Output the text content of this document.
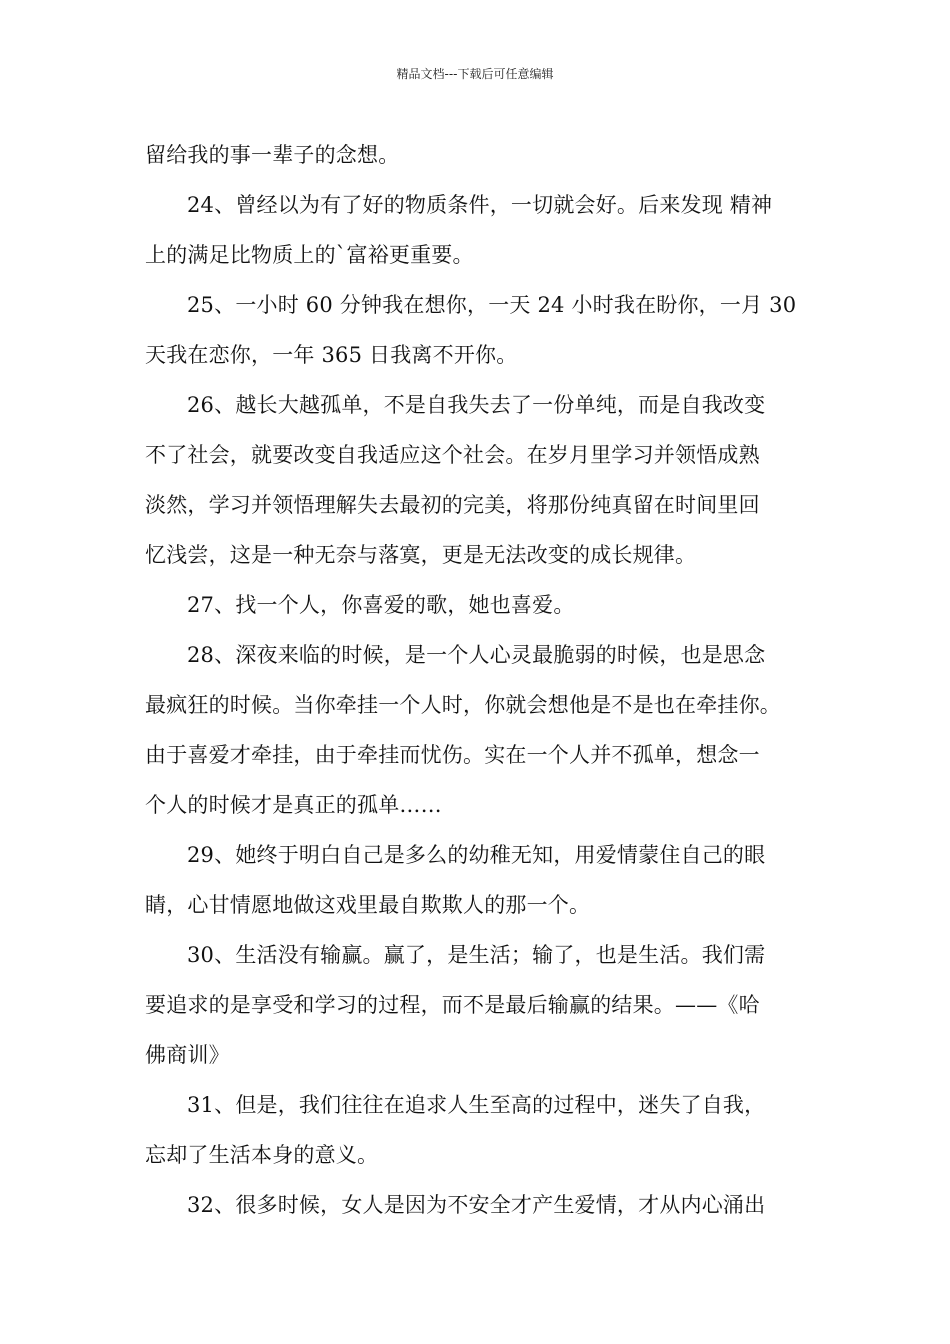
精品文档---下载后可任意编辑

留给我的事一辈子的念想。

24、曾经以为有了好的物质条件，一切就会好。后来发现 精神
上的满足比物质上的`富裕更重要。

25、一小时 60 分钟我在想你，一天 24 小时我在盼你，一月 30
天我在恋你，一年 365 日我离不开你。

26、越长大越孤单，不是自我失去了一份单纯，而是自我改变
不了社会，就要改变自我适应这个社会。在岁月里学习并领悟成熟
淡然，学习并领悟理解失去最初的完美，将那份纯真留在时间里回
忆浅尝，这是一种无奈与落寞，更是无法改变的成长规律。

27、找一个人，你喜爱的歌，她也喜爱。

28、深夜来临的时候，是一个人心灵最脆弱的时候，也是思念
最疯狂的时候。当你牵挂一个人时，你就会想他是不是也在牵挂你。
由于喜爱才牵挂，由于牵挂而忧伤。实在一个人并不孤单，想念一
个人的时候才是真正的孤单……

29、她终于明白自己是多么的幼稚无知，用爱情蒙住自己的眼
睛，心甘情愿地做这戏里最自欺欺人的那一个。

30、生活没有输赢。赢了，是生活；输了，也是生活。我们需
要追求的是享受和学习的过程，而不是最后输赢的结果。——《哈
佛商训》

31、但是，我们往往在追求人生至高的过程中，迷失了自我，
忘却了生活本身的意义。

32、很多时候，女人是因为不安全才产生爱情，才从内心涌出
